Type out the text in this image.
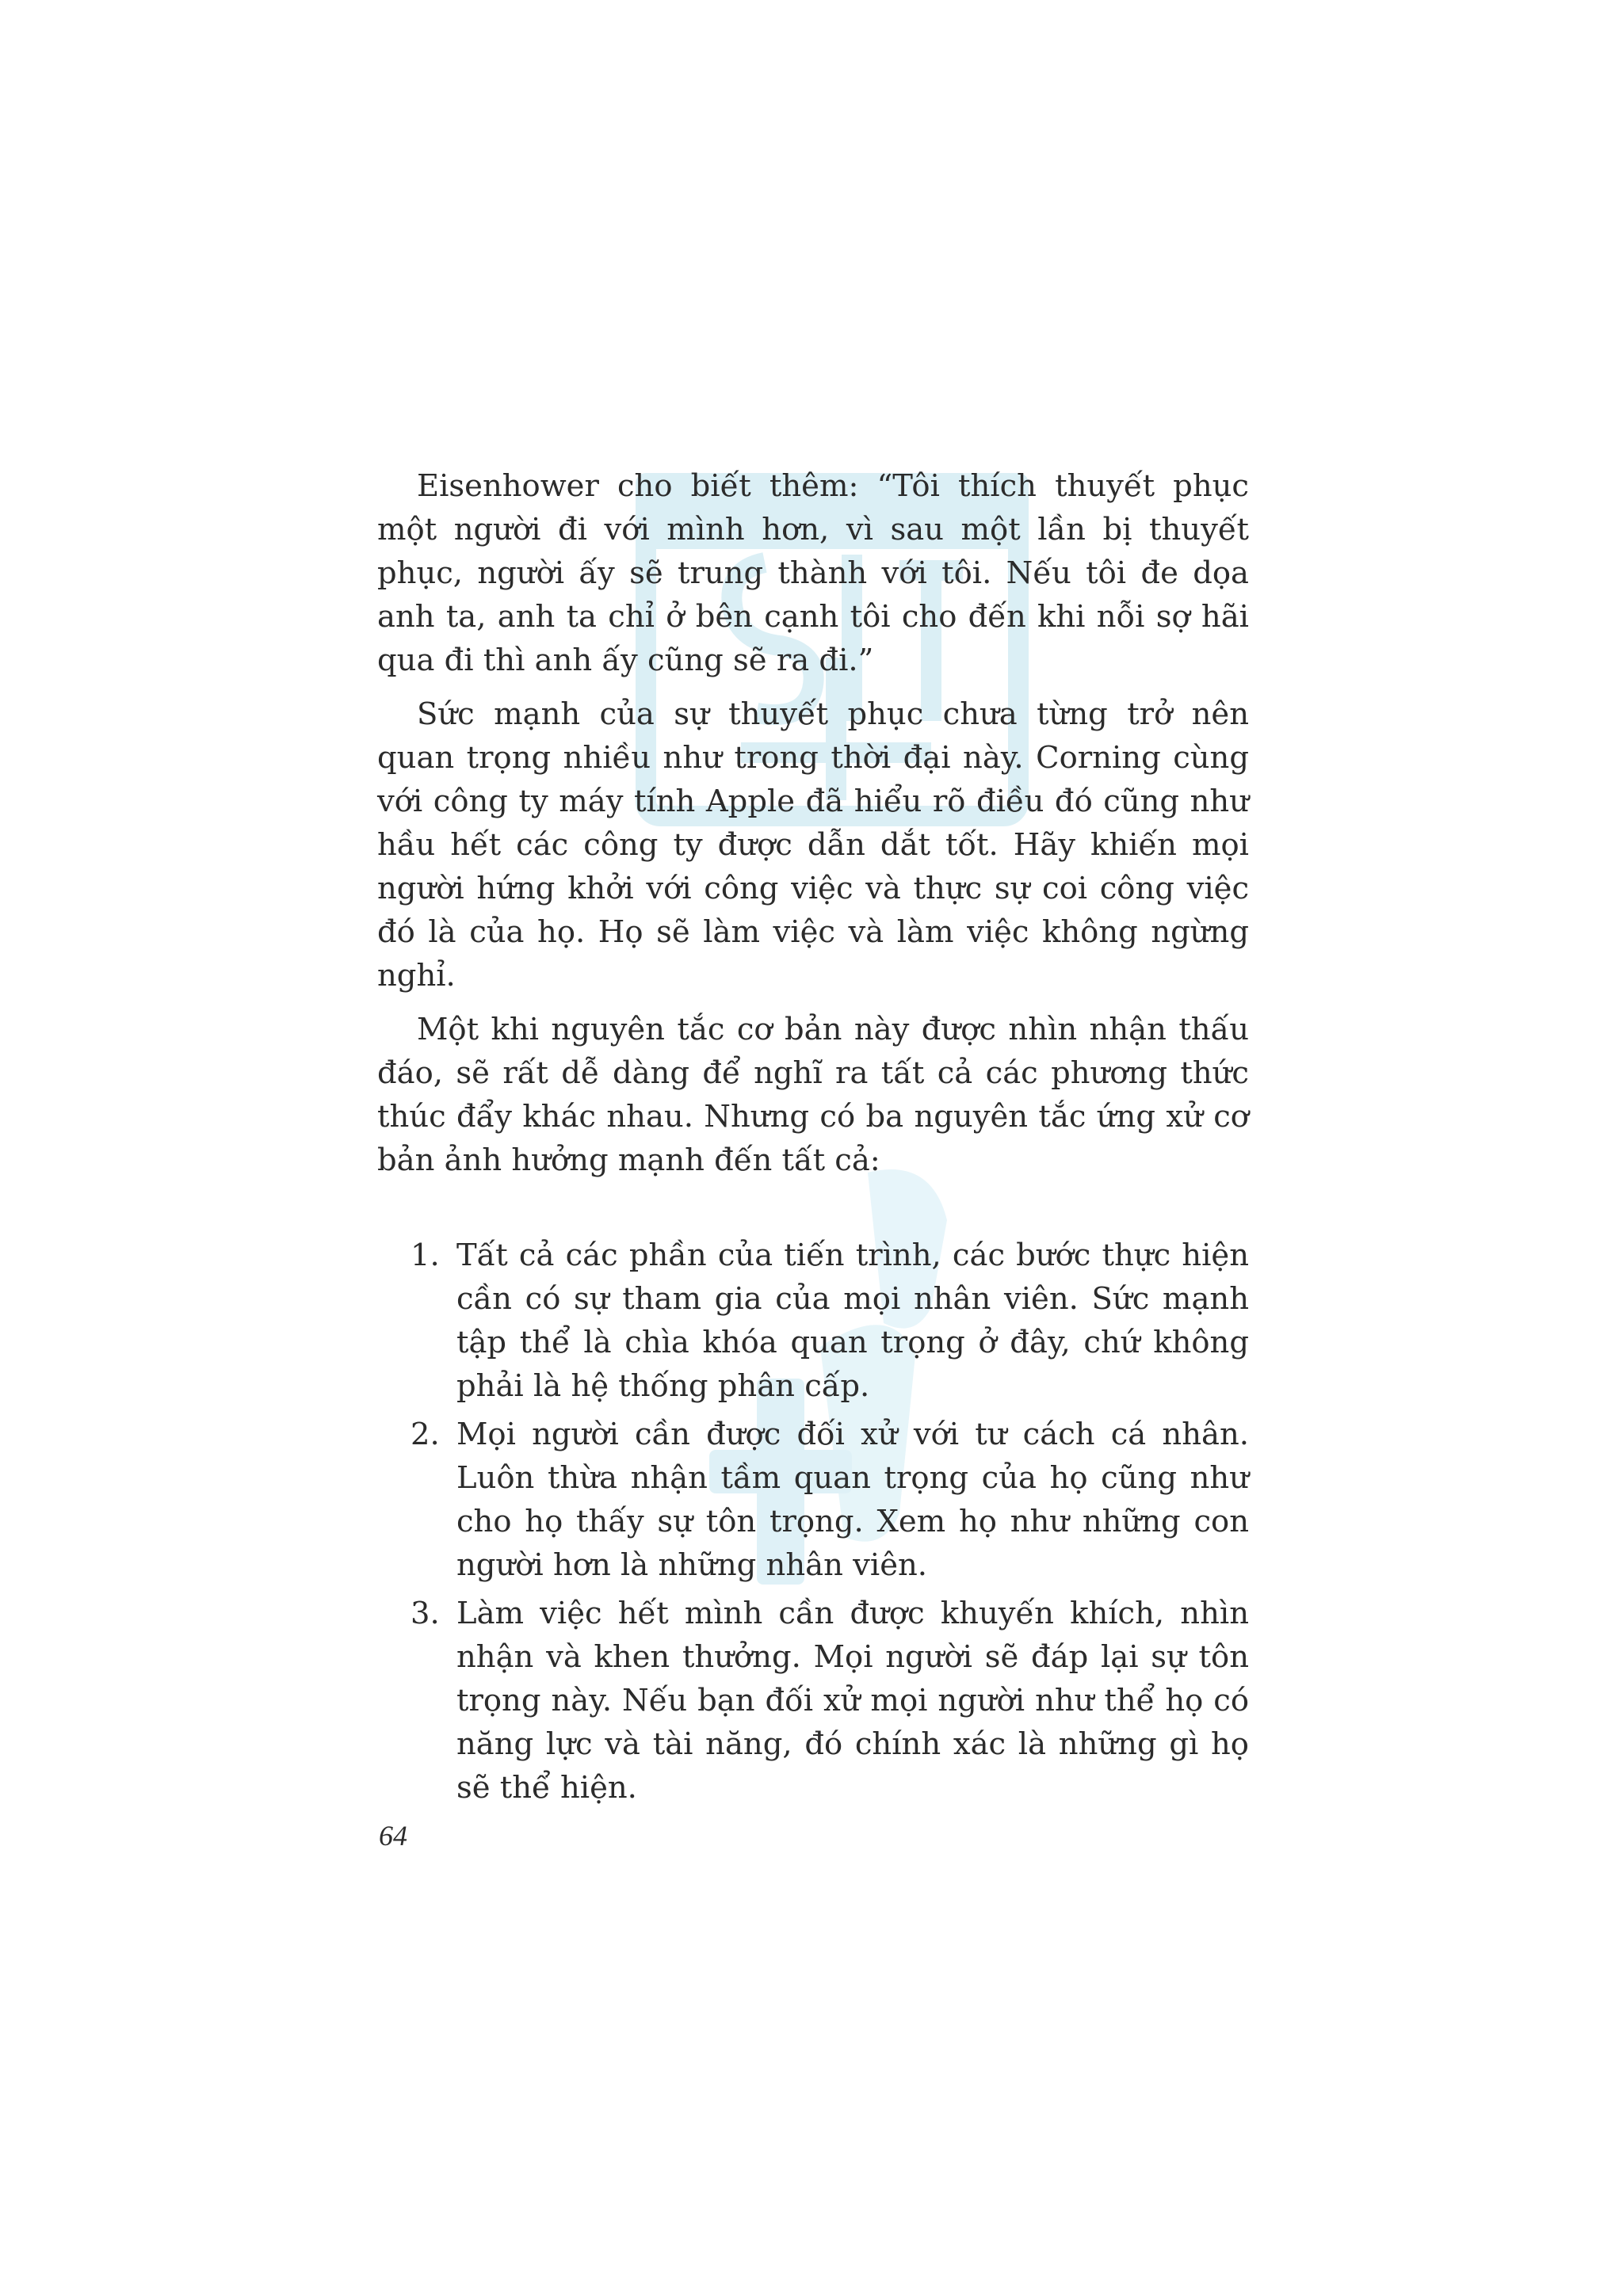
Eisenhower cho biết thêm: “Tôi thích thuyết phục một người đi với mình hơn, vì sau một lần bị thuyết phục, người ấy sẽ trung thành với tôi. Nếu tôi đe dọa anh ta, anh ta chỉ ở bên cạnh tôi cho đến khi nỗi sợ hãi qua đi thì anh ấy cũng sẽ ra đi.”

Sức mạnh của sự thuyết phục chưa từng trở nên quan trọng nhiều như trong thời đại này. Corning cùng với công ty máy tính Apple đã hiểu rõ điều đó cũng như hầu hết các công ty được dẫn dắt tốt. Hãy khiến mọi người hứng khởi với công việc và thực sự coi công việc đó là của họ. Họ sẽ làm việc và làm việc không ngừng nghỉ.

Một khi nguyên tắc cơ bản này được nhìn nhận thấu đáo, sẽ rất dễ dàng để nghĩ ra tất cả các phương thức thúc đẩy khác nhau. Nhưng có ba nguyên tắc ứng xử cơ bản ảnh hưởng mạnh đến tất cả:

1. Tất cả các phần của tiến trình, các bước thực hiện cần có sự tham gia của mọi nhân viên. Sức mạnh tập thể là chìa khóa quan trọng ở đây, chứ không phải là hệ thống phân cấp.
2. Mọi người cần được đối xử với tư cách cá nhân. Luôn thừa nhận tầm quan trọng của họ cũng như cho họ thấy sự tôn trọng. Xem họ như những con người hơn là những nhân viên.
3. Làm việc hết mình cần được khuyến khích, nhìn nhận và khen thưởng. Mọi người sẽ đáp lại sự tôn trọng này. Nếu bạn đối xử mọi người như thể họ có năng lực và tài năng, đó chính xác là những gì họ sẽ thể hiện.
64
